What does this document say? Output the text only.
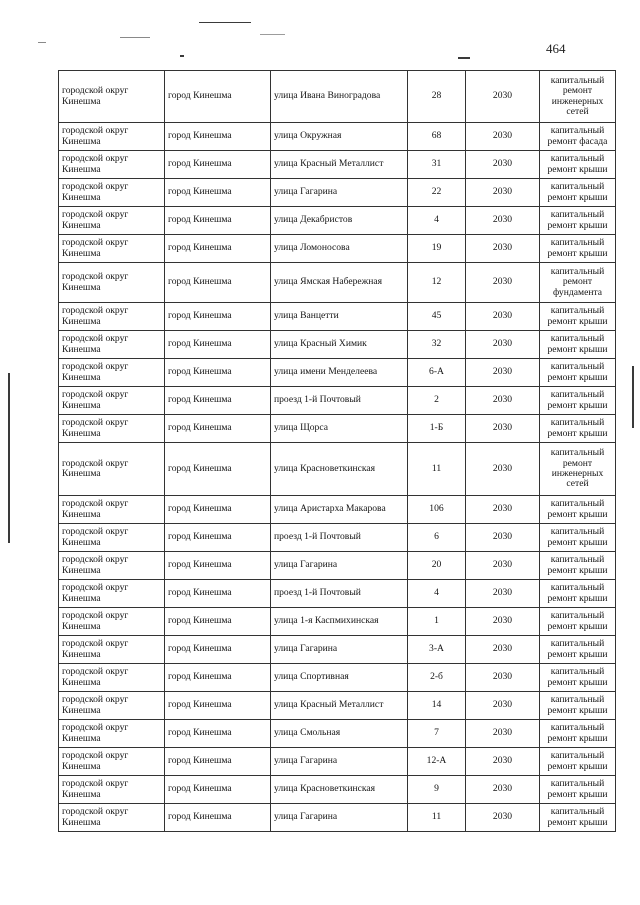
464
городской округ Кинешма	город Кинешма	улица Ивана Виноградова	28	2030	капитальный ремонт инженерных сетей
городской округ Кинешма	город Кинешма	улица Окружная	68	2030	капитальный ремонт фасада
городской округ Кинешма	город Кинешма	улица Красный Металлист	31	2030	капитальный ремонт крыши
городской округ Кинешма	город Кинешма	улица Гагарина	22	2030	капитальный ремонт крыши
городской округ Кинешма	город Кинешма	улица Декабристов	4	2030	капитальный ремонт крыши
городской округ Кинешма	город Кинешма	улица Ломоносова	19	2030	капитальный ремонт крыши
городской округ Кинешма	город Кинешма	улица Ямская Набережная	12	2030	капитальный ремонт фундамента
городской округ Кинешма	город Кинешма	улица Ванцетти	45	2030	капитальный ремонт крыши
городской округ Кинешма	город Кинешма	улица Красный Химик	32	2030	капитальный ремонт крыши
городской округ Кинешма	город Кинешма	улица имени Менделеева	6-А	2030	капитальный ремонт крыши
городской округ Кинешма	город Кинешма	проезд 1-й Почтовый	2	2030	капитальный ремонт крыши
городской округ Кинешма	город Кинешма	улица Щорса	1-Б	2030	капитальный ремонт крыши
городской округ Кинешма	город Кинешма	улица Красноветкинская	11	2030	капитальный ремонт инженерных сетей
городской округ Кинешма	город Кинешма	улица Аристарха Макарова	106	2030	капитальный ремонт крыши
городской округ Кинешма	город Кинешма	проезд 1-й Почтовый	6	2030	капитальный ремонт крыши
городской округ Кинешма	город Кинешма	улица Гагарина	20	2030	капитальный ремонт крыши
городской округ Кинешма	город Кинешма	проезд 1-й Почтовый	4	2030	капитальный ремонт крыши
городской округ Кинешма	город Кинешма	улица 1-я Каспмихинская	1	2030	капитальный ремонт крыши
городской округ Кинешма	город Кинешма	улица Гагарина	3-А	2030	капитальный ремонт крыши
городской округ Кинешма	город Кинешма	улица Спортивная	2-б	2030	капитальный ремонт крыши
городской округ Кинешма	город Кинешма	улица Красный Металлист	14	2030	капитальный ремонт крыши
городской округ Кинешма	город Кинешма	улица Смольная	7	2030	капитальный ремонт крыши
городской округ Кинешма	город Кинешма	улица Гагарина	12-А	2030	капитальный ремонт крыши
городской округ Кинешма	город Кинешма	улица Красноветкинская	9	2030	капитальный ремонт крыши
городской округ Кинешма	город Кинешма	улица Гагарина	11	2030	капитальный ремонт крыши
